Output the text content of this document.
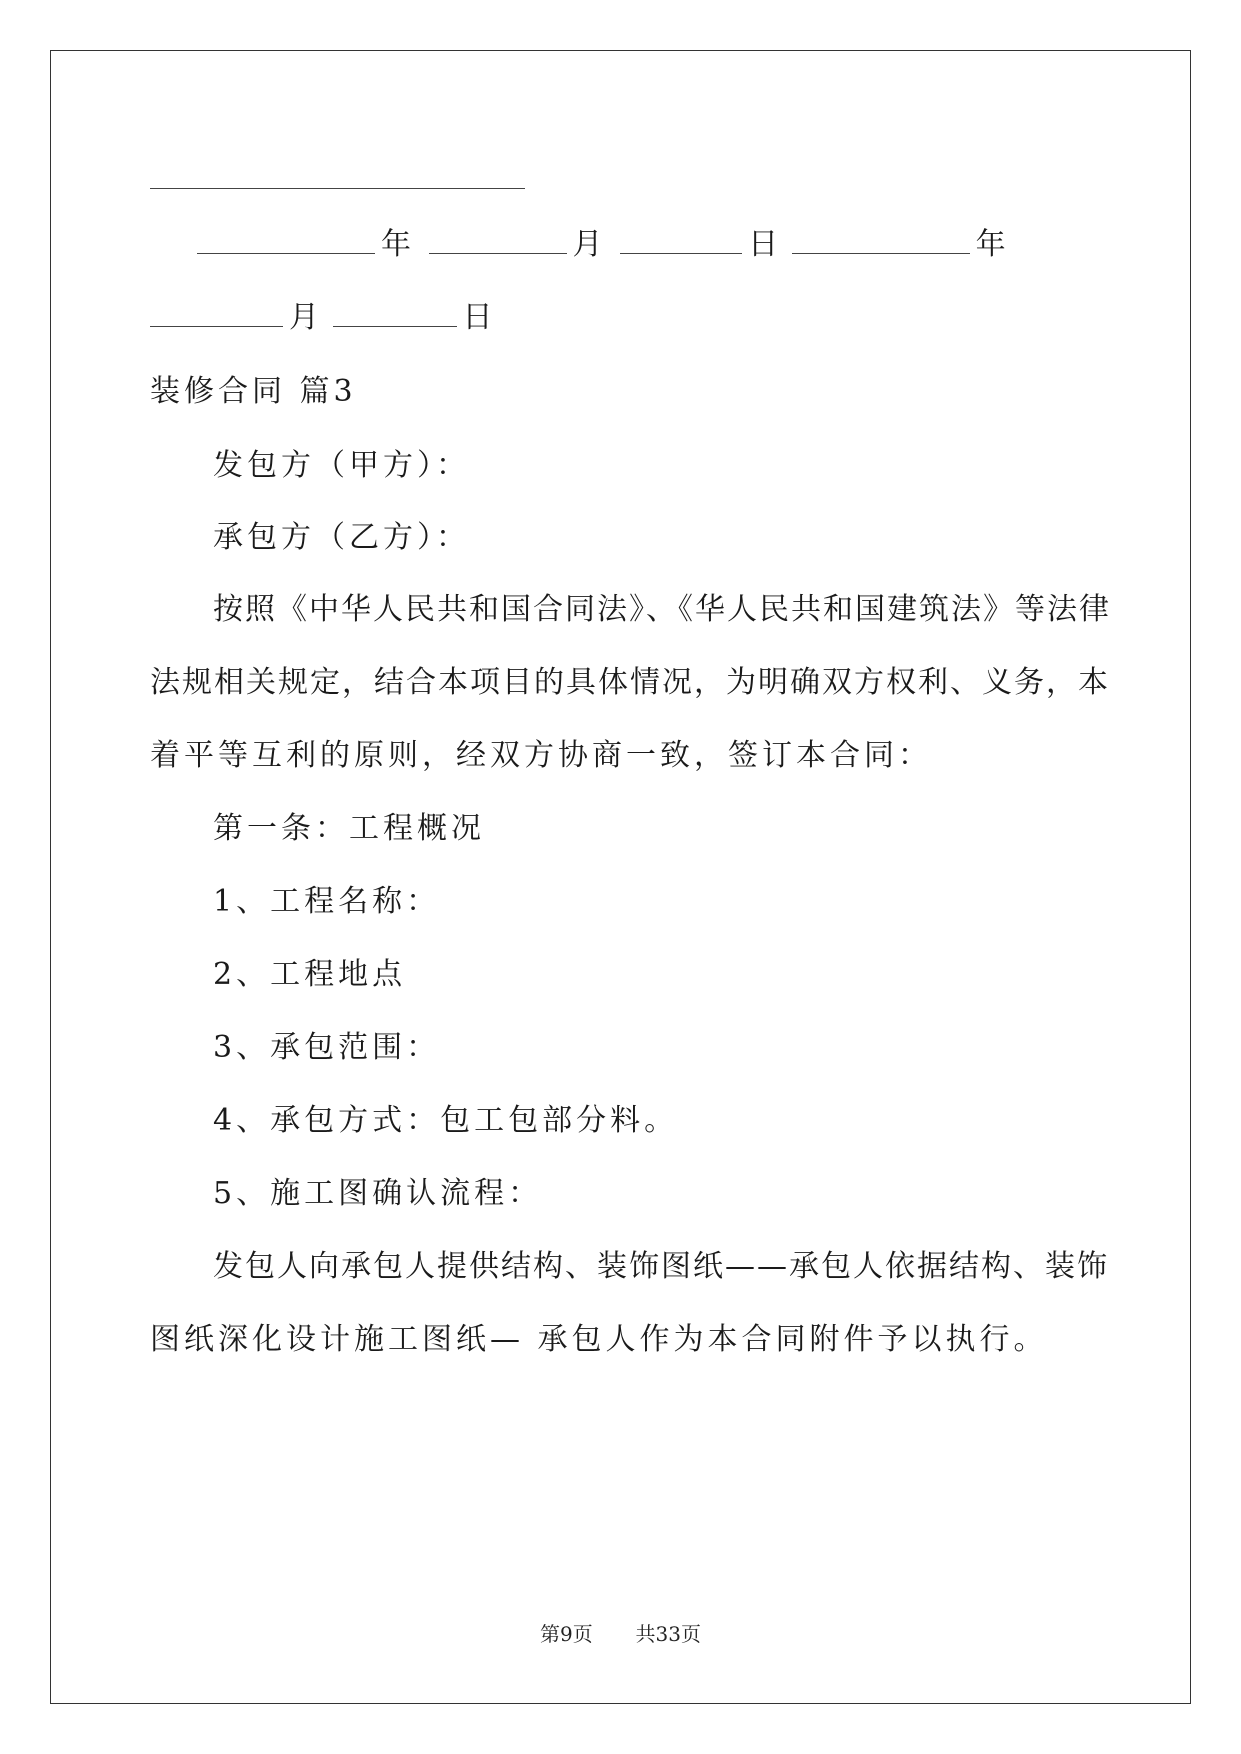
年	月	日	年
月	日
装修合同 篇3
发包方（甲方）：
承包方（乙方）：
按照《中华人民共和国合同法》、《华人民共和国建筑法》等法律
法规相关规定，结合本项目的具体情况，为明确双方权利、义务，本
着平等互利的原则，经双方协商一致，签订本合同：
第一条：工程概况
1、工程名称：
2、工程地点
3、承包范围：
4、承包方式：包工包部分料。
5、施工图确认流程：
发包人向承包人提供结构、装饰图纸——承包人依据结构、装饰
图纸深化设计施工图纸— 承包人作为本合同附件予以执行。
第9页 共33页
